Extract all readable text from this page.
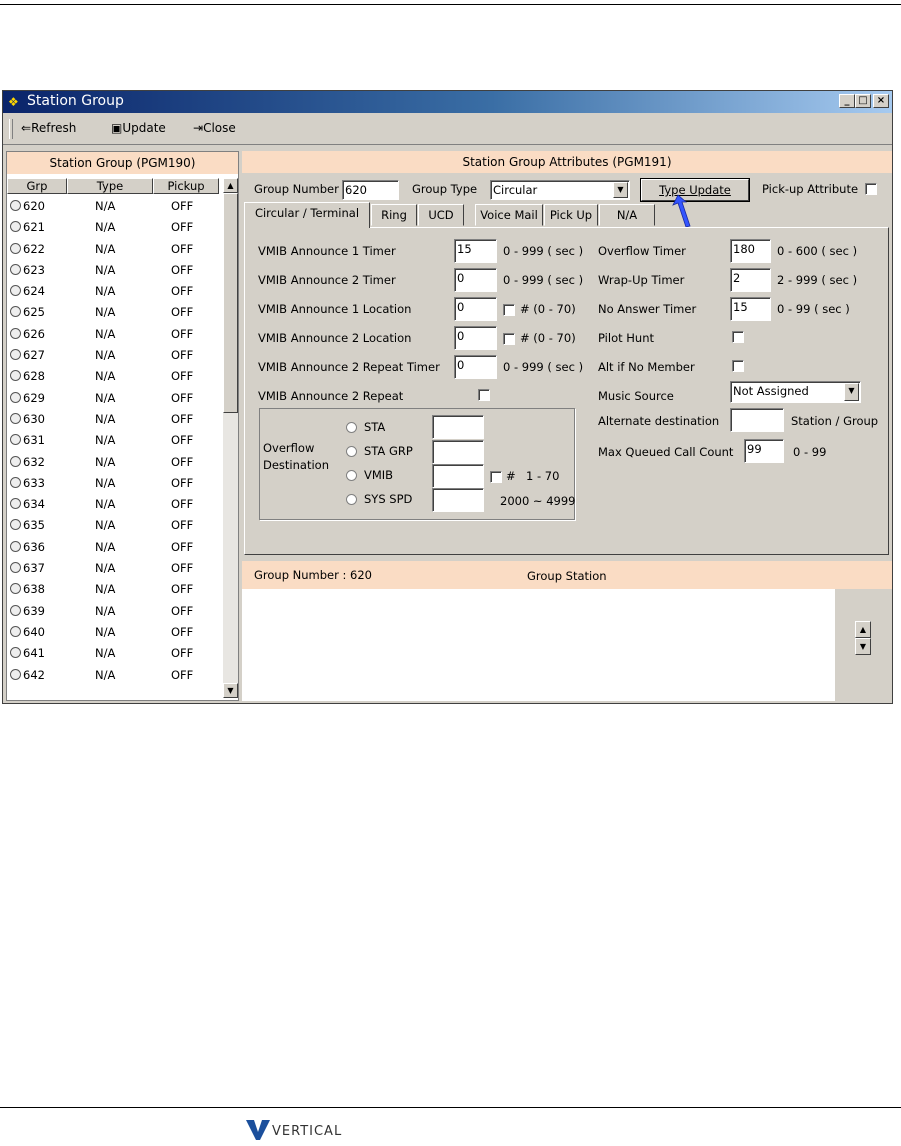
❖ Station Group	_ □ ×
⇐Refresh	▣Update ⇥Close
Station Group (PGM190)
Grp	Type	Pickup
620	N/A	OFF
621	N/A	OFF
622	N/A	OFF
623	N/A	OFF
624	N/A	OFF
625	N/A	OFF
626	N/A	OFF
627	N/A	OFF
628	N/A	OFF
629	N/A	OFF
630	N/A	OFF
631	N/A	OFF
632	N/A	OFF
633	N/A	OFF
634	N/A	OFF
635	N/A	OFF
636	N/A	OFF
637	N/A	OFF
638	N/A	OFF
639	N/A	OFF
640	N/A	OFF
641	N/A	OFF
642	N/A	OFF
▲
▼
Station Group Attributes (PGM191)
Group Number 620	Group Type Circular	▼	Type Update	Pick-up Attribute
Circular / Terminal	Ring	UCD	Voice Mail	Pick Up	N/A
VMIB Announce 1 Timer	15	0 - 999 ( sec )
VMIB Announce 2 Timer	0	0 - 999 ( sec )
VMIB Announce 1 Location	0	# (0 - 70)
VMIB Announce 2 Location	0	# (0 - 70)
VMIB Announce 2 Repeat Timer 0	0 - 999 ( sec )
VMIB Announce 2 Repeat
Overflow
Destination
STA
STA GRP
VMIB	# 1 - 70
SYS SPD	2000 ~ 4999
Overflow Timer	180	0 - 600 ( sec )
Wrap-Up Timer	2	2 - 999 ( sec )
No Answer Timer	15	0 - 99 ( sec )
Pilot Hunt
Alt if No Member
Music Source	Not Assigned	▼
Alternate destination	Station / Group
Max Queued Call Count 99	0 - 99
Group Number : 620	Group Station
▲
▼
VERTICAL
